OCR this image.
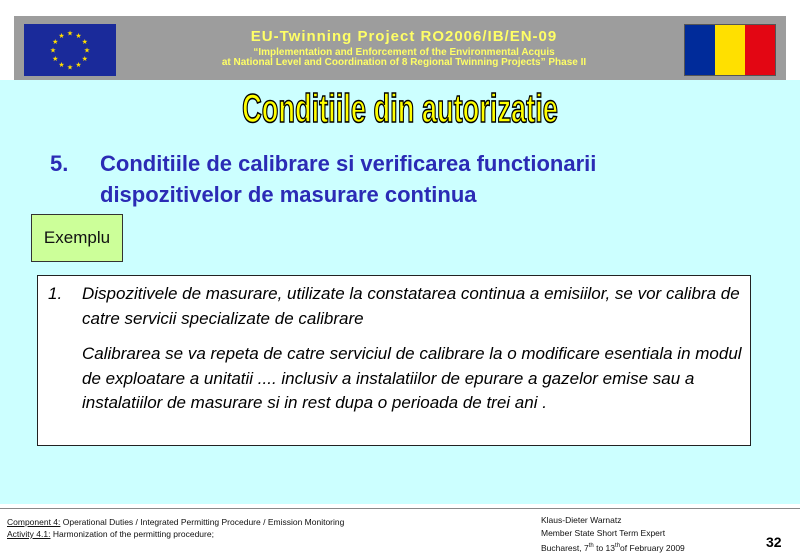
★ ★
★
★
★
★
★
★
★
★
★
★	EU-Twinning Project RO2006/IB/EN-09
“Implementation and Enforcement of the Environmental Acquis
at National Level and Coordination of 8 Regional Twinning Projects” Phase II
Conditiile din autorizatie
5. Conditiile de calibrare si verificarea functionarii
dispozitivelor de masurare continua
Exemplu
1. Dispozitivele de masurare, utilizate la constatarea continua a emisiilor, se vor calibra de catre servicii specializate de calibrare
Calibrarea se va repeta de catre serviciul de calibrare la o modificare esentiala in modul de exploatare a unitatii .... inclusiv a instalatiilor de epurare a gazelor emise sau a instalatiilor de masurare si in rest dupa o perioada de trei ani .
Component 4: Operational Duties / Integrated Permitting Procedure / Emission Monitoring
Activity 4.1: Harmonization of the permitting procedure;
Klaus-Dieter Warnatz
Member State Short Term Expert
Bucharest, 7th to 13thof February 2009	32
